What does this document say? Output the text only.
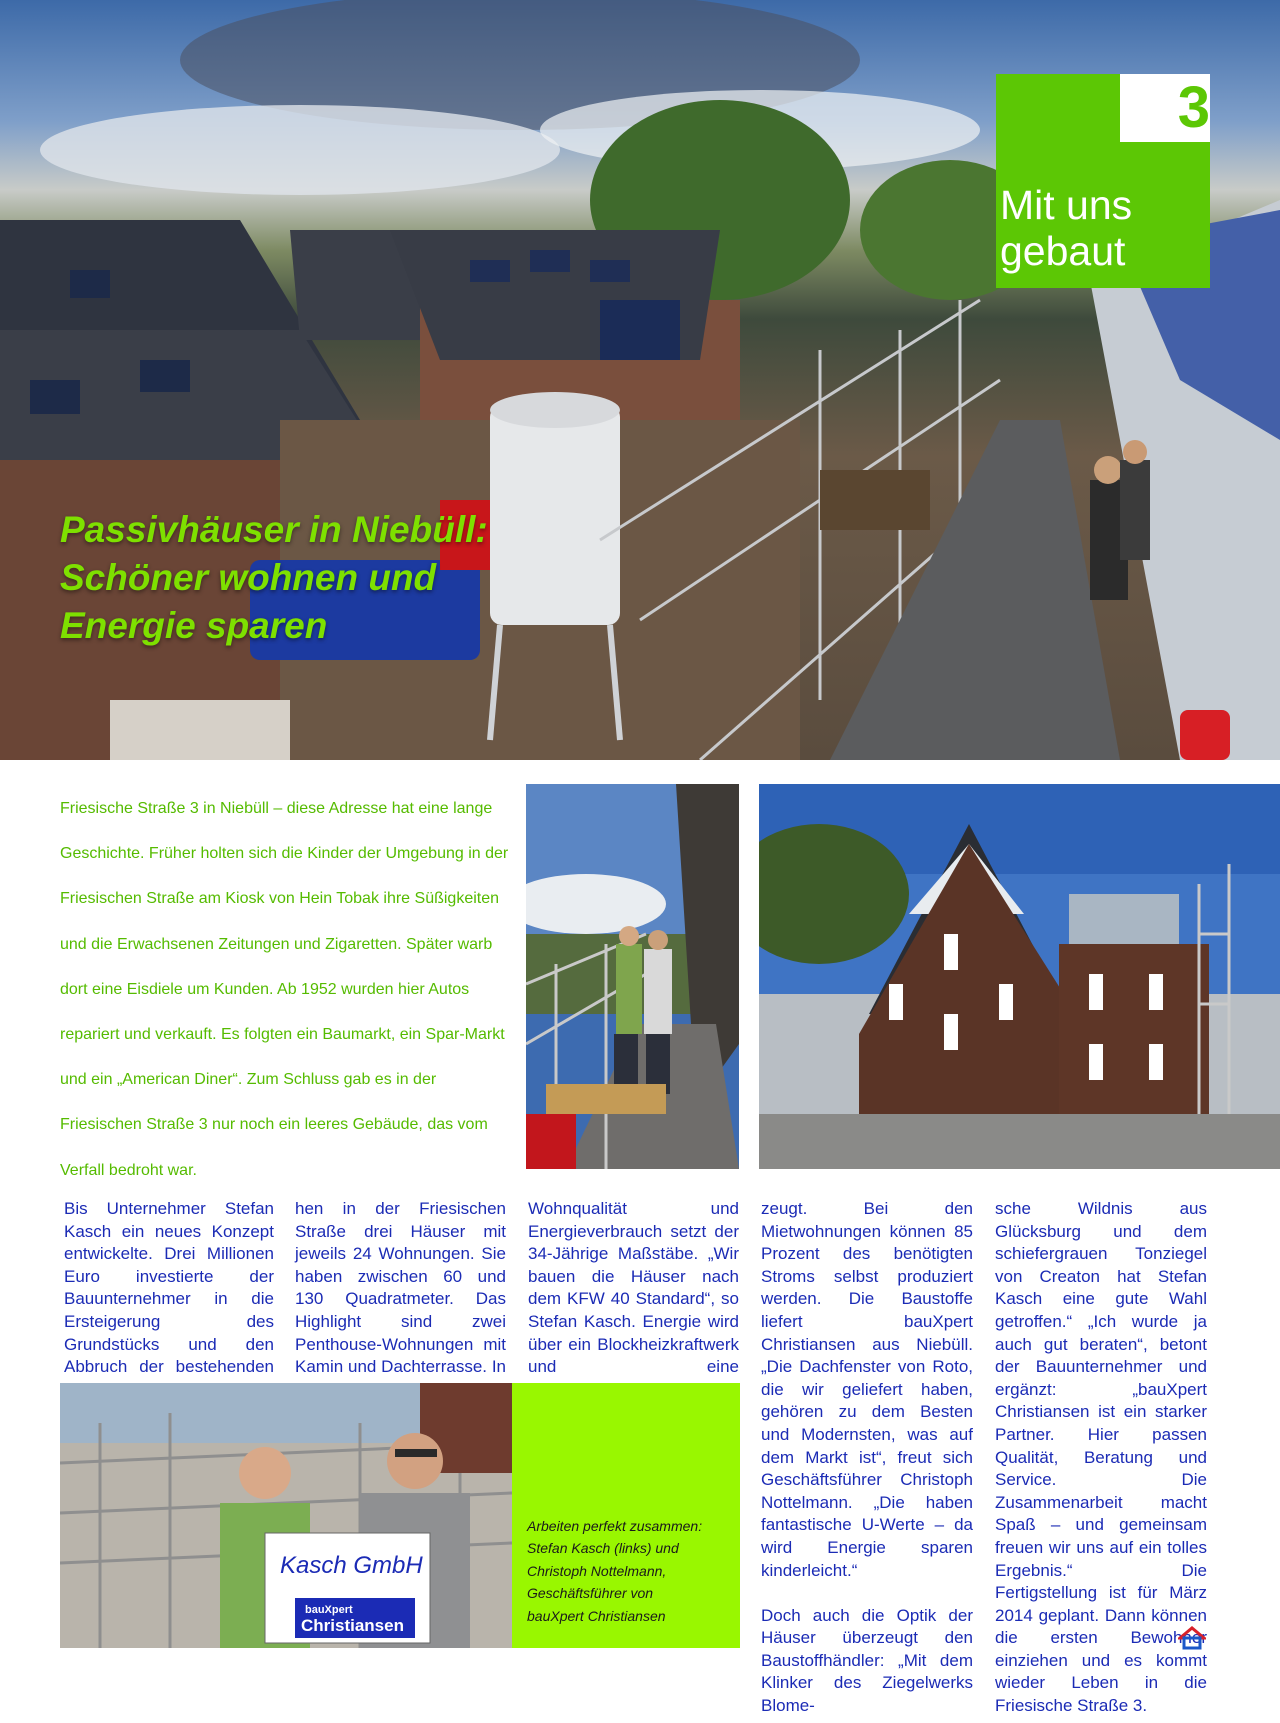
Passivhäuser in Niebüll: Schöner wohnen und Energie sparen
3
Mit uns gebaut

Friesische Straße 3 in Niebüll – diese Adresse hat eine lange Geschichte. Früher holten sich die Kinder der Umgebung in der Friesischen Straße am Kiosk von Hein Tobak ihre Süßigkeiten und die Erwachsenen Zeitungen und Zigaretten. Später warb dort eine Eisdiele um Kunden. Ab 1952 wurden hier Autos repariert und verkauft. Es folgten ein Baumarkt, ein Spar-Markt und ein „American Diner“. Zum Schluss gab es in der Friesischen Straße 3 nur noch ein leeres Gebäude, das vom Verfall bedroht war.

Bis Unternehmer Stefan Kasch ein neues Konzept entwickelte. Drei Millionen Euro investierte der Bauunternehmer in die Ersteigerung des Grundstücks und den Abbruch der bestehenden

hen in der Friesischen Straße drei Häuser mit jeweils 24 Wohnungen. Sie haben zwischen 60 und 130 Quadratmeter. Das Highlight sind zwei Penthouse-Wohnungen mit Kamin und Dachterrasse. In

Wohnqualität und Energieverbrauch setzt der 34-Jährige Maßstäbe. „Wir bauen die Häuser nach dem KFW 40 Standard“, so Stefan Kasch. Energie wird über ein Blockheizkraftwerk und eine

zeugt. Bei den Mietwohnungen können 85 Prozent des benötigten Stroms selbst produziert werden. Die Baustoffe liefert bauXpert Christiansen aus Niebüll. „Die Dachfenster von Roto, die wir geliefert haben, gehören zu dem Besten und Modernsten, was auf dem Markt ist“, freut sich Geschäftsführer Christoph Nottelmann. „Die haben fantastische U-Werte – da wird Energie sparen kinderleicht.“

Doch auch die Optik der Häuser überzeugt den Baustoffhändler: „Mit dem Klinker des Ziegelwerks Blome-

sche Wildnis aus Glücksburg und dem schiefergrauen Tonziegel von Creaton hat Stefan Kasch eine gute Wahl getroffen.“ „Ich wurde ja auch gut beraten“, betont der Bauunternehmer und ergänzt: „bauXpert Christiansen ist ein starker Partner. Hier passen Qualität, Beratung und Service. Die Zusammenarbeit macht Spaß – und gemeinsam freuen wir uns auf ein tolles Ergebnis.“ Die Fertigstellung ist für März 2014 geplant. Dann können die ersten Bewohner einziehen und es kommt wieder Leben in die Friesische Straße 3.

Kasch GmbH
bauXpert
Christiansen

Arbeiten perfekt zusammen:
Stefan Kasch (links) und
Christoph Nottelmann,
Geschäftsführer von
bauXpert Christiansen
